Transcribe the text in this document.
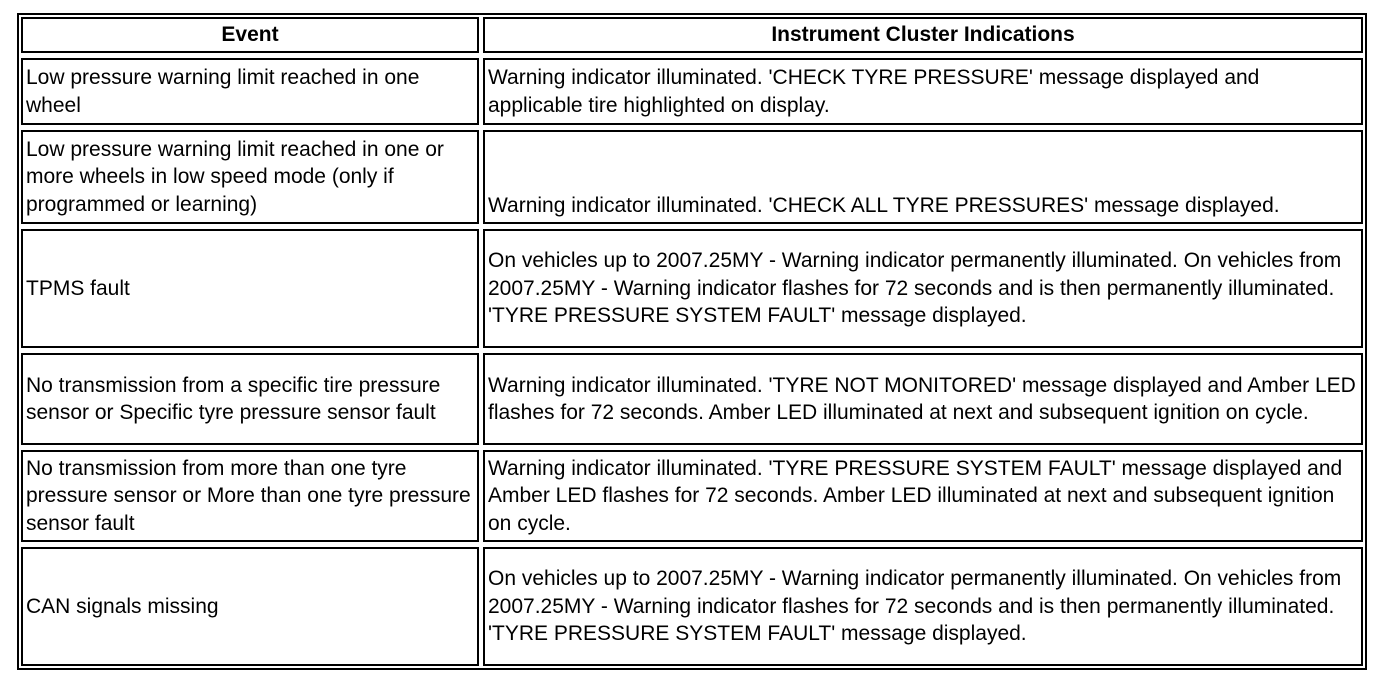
Event	Instrument Cluster Indications
Low pressure warning limit reached in one wheel	Warning indicator illuminated. 'CHECK TYRE PRESSURE' message displayed and applicable tire highlighted on display.
Low pressure warning limit reached in one or more wheels in low speed mode (only if programmed or learning)	Warning indicator illuminated. 'CHECK ALL TYRE PRESSURES' message displayed.
TPMS fault	On vehicles up to 2007.25MY - Warning indicator permanently illuminated. On vehicles from 2007.25MY - Warning indicator flashes for 72 seconds and is then permanently illuminated. 'TYRE PRESSURE SYSTEM FAULT' message displayed.
No transmission from a specific tire pressure sensor or Specific tyre pressure sensor fault	Warning indicator illuminated. 'TYRE NOT MONITORED' message displayed and Amber LED flashes for 72 seconds. Amber LED illuminated at next and subsequent ignition on cycle.
No transmission from more than one tyre pressure sensor or More than one tyre pressure sensor fault	Warning indicator illuminated. 'TYRE PRESSURE SYSTEM FAULT' message displayed and Amber LED flashes for 72 seconds. Amber LED illuminated at next and subsequent ignition on cycle.
CAN signals missing	On vehicles up to 2007.25MY - Warning indicator permanently illuminated. On vehicles from 2007.25MY - Warning indicator flashes for 72 seconds and is then permanently illuminated. 'TYRE PRESSURE SYSTEM FAULT' message displayed.
